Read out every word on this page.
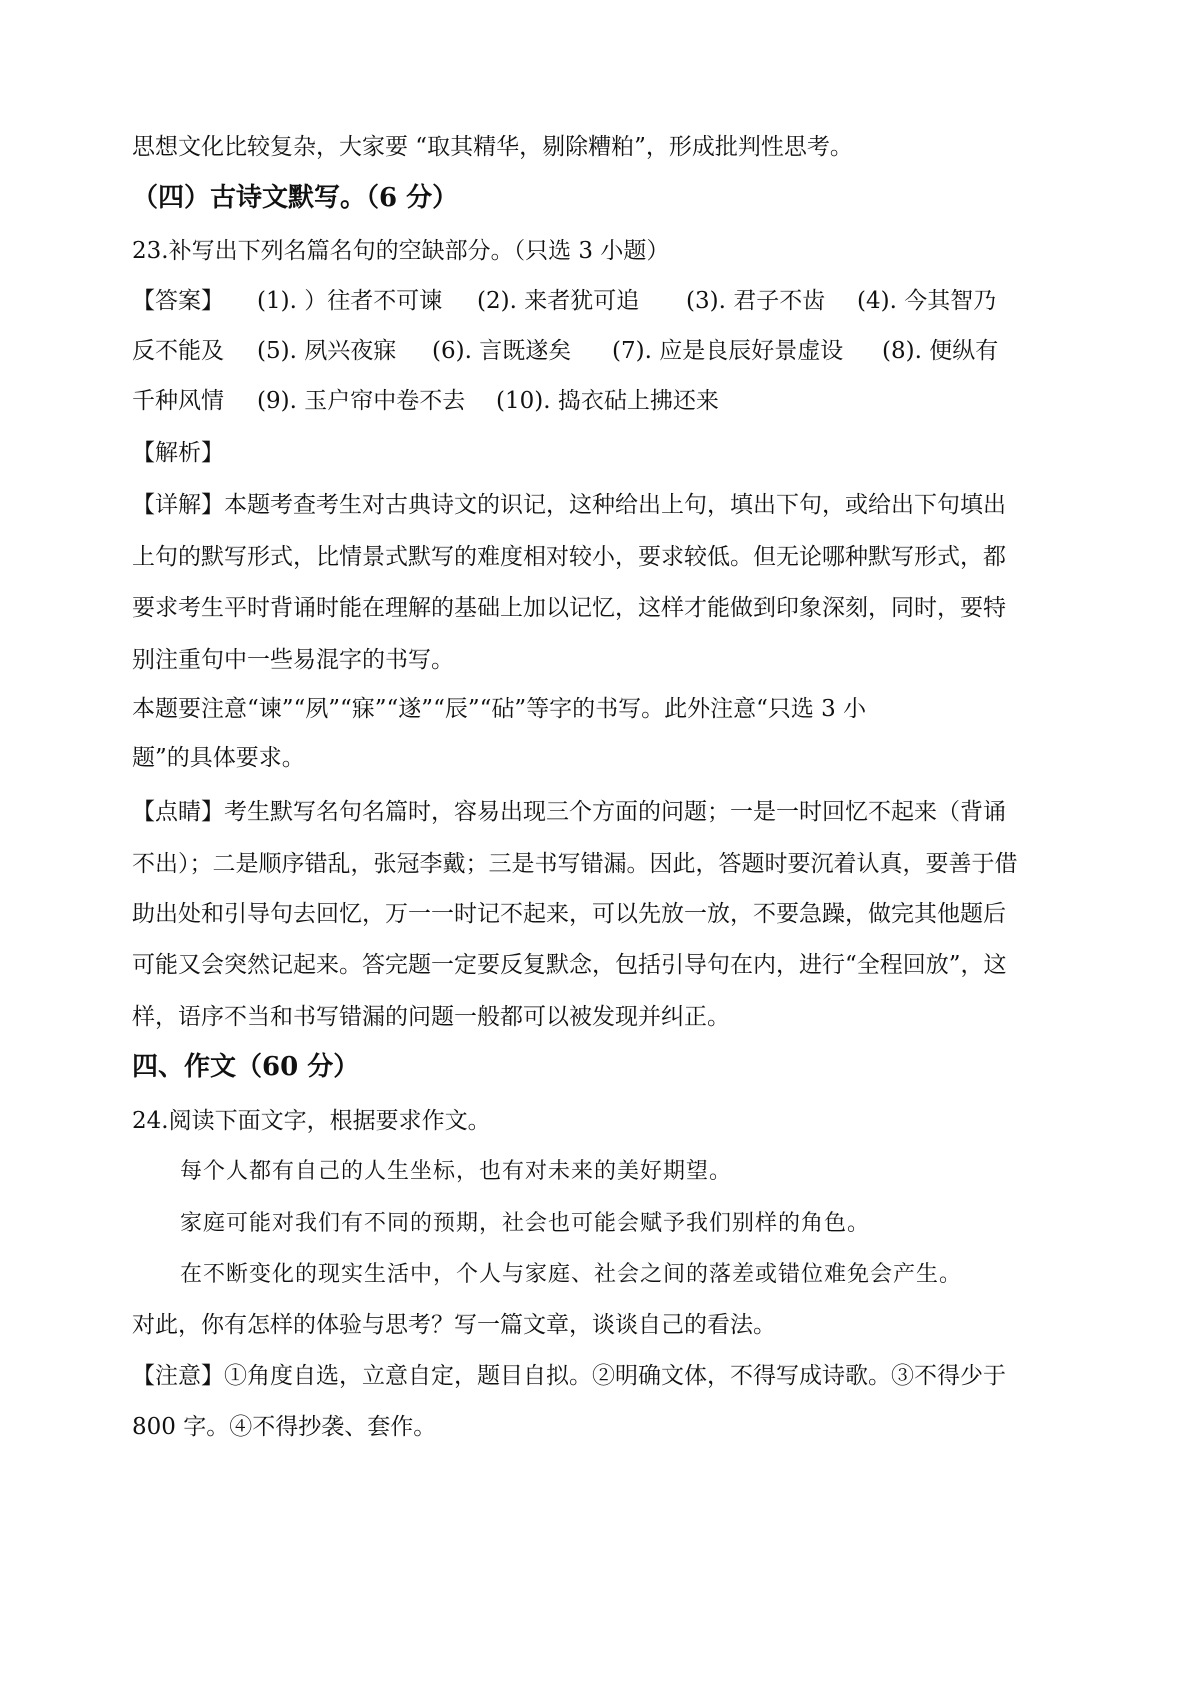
思想文化比较复杂，大家要 “取其精华，剔除糟粕”，形成批判性思考。
（四）古诗文默写。（6 分）
23.补写出下列名篇名句的空缺部分。（只选 3 小题）
【答案】 (1). ）往者不可谏 (2). 来者犹可追 (3). 君子不齿 (4). 今其智乃
反不能及 (5). 夙兴夜寐 (6). 言既遂矣 (7). 应是良辰好景虚设 (8). 便纵有
千种风情 (9). 玉户帘中卷不去 (10). 捣衣砧上拂还来
【解析】
【详解】本题考查考生对古典诗文的识记，这种给出上句，填出下句，或给出下句填出
上句的默写形式，比情景式默写的难度相对较小，要求较低。但无论哪种默写形式，都
要求考生平时背诵时能在理解的基础上加以记忆，这样才能做到印象深刻，同时，要特
别注重句中一些易混字的书写。
本题要注意“谏”“夙”“寐”“遂”“辰”“砧”等字的书写。此外注意“只选 3 小
题”的具体要求。
【点睛】考生默写名句名篇时，容易出现三个方面的问题；一是一时回忆不起来（背诵
不出）；二是顺序错乱，张冠李戴；三是书写错漏。因此，答题时要沉着认真，要善于借
助出处和引导句去回忆，万一一时记不起来，可以先放一放，不要急躁，做完其他题后
可能又会突然记起来。答完题一定要反复默念，包括引导句在内，进行“全程回放”，这
样，语序不当和书写错漏的问题一般都可以被发现并纠正。
四、作文（60 分）
24.阅读下面文字，根据要求作文。
每个人都有自己的人生坐标，也有对未来的美好期望。
家庭可能对我们有不同的预期，社会也可能会赋予我们别样的角色。
在不断变化的现实生活中，个人与家庭、社会之间的落差或错位难免会产生。
对此，你有怎样的体验与思考？写一篇文章，谈谈自己的看法。
【注意】①角度自选，立意自定，题目自拟。②明确文体，不得写成诗歌。③不得少于
800 字。④不得抄袭、套作。
